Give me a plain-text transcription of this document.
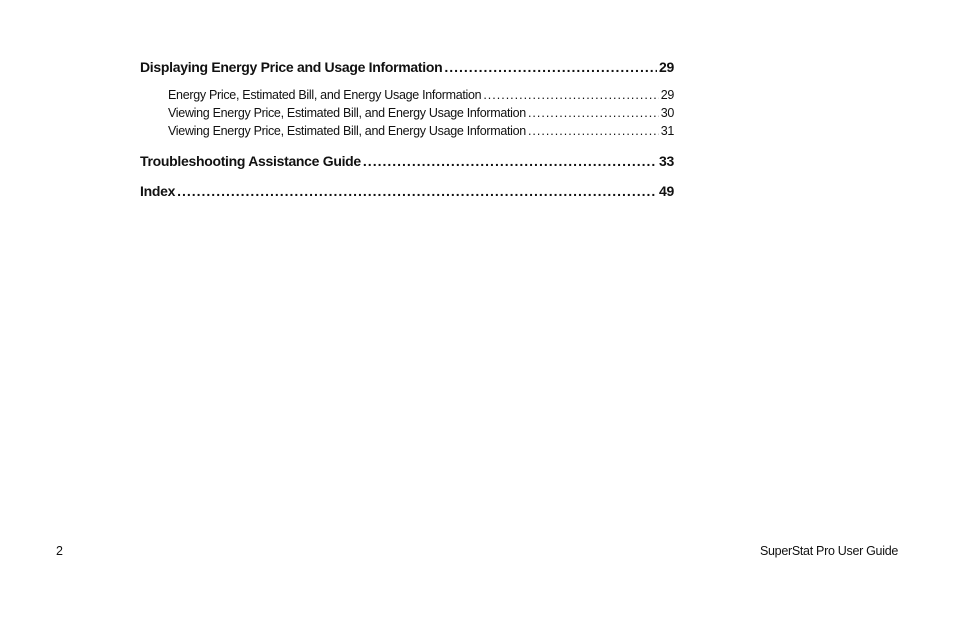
Displaying Energy Price and Usage Information .....	29
Energy Price, Estimated Bill, and Energy Usage Information .....	29
Viewing Energy Price, Estimated Bill, and Energy Usage Information .....	30
Viewing Energy Price, Estimated Bill, and Energy Usage Information .....	31
Troubleshooting Assistance Guide .....	33
Index .....	49
2	SuperStat Pro User Guide
